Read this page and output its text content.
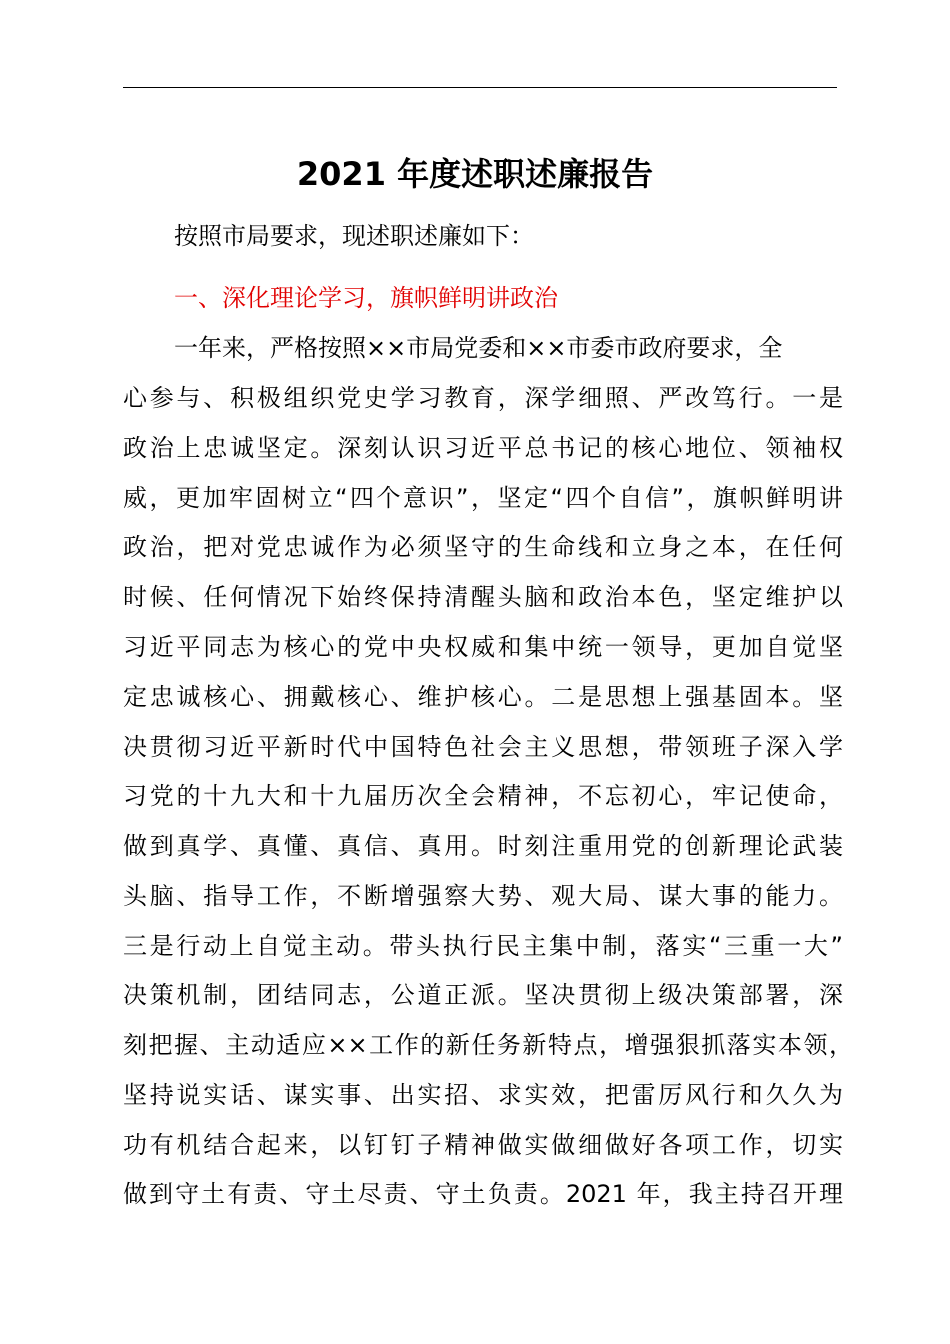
2021 年度述职述廉报告
按照市局要求，现述职述廉如下：
一、深化理论学习，旗帜鲜明讲政治
一年来，严格按照××市局党委和××市委市政府要求，全
心参与、积极组织党史学习教育，深学细照、严改笃行。一是
政治上忠诚坚定。深刻认识习近平总书记的核心地位、领袖权
威，更加牢固树立“四个意识”，坚定“四个自信”，旗帜鲜明讲
政治，把对党忠诚作为必须坚守的生命线和立身之本，在任何
时候、任何情况下始终保持清醒头脑和政治本色，坚定维护以
习近平同志为核心的党中央权威和集中统一领导，更加自觉坚
定忠诚核心、拥戴核心、维护核心。二是思想上强基固本。坚
决贯彻习近平新时代中国特色社会主义思想，带领班子深入学
习党的十九大和十九届历次全会精神，不忘初心，牢记使命，
做到真学、真懂、真信、真用。时刻注重用党的创新理论武装
头脑、指导工作，不断增强察大势、观大局、谋大事的能力。
三是行动上自觉主动。带头执行民主集中制，落实“三重一大”
决策机制，团结同志，公道正派。坚决贯彻上级决策部署，深
刻把握、主动适应××工作的新任务新特点，增强狠抓落实本领，
坚持说实话、谋实事、出实招、求实效，把雷厉风行和久久为
功有机结合起来，以钉钉子精神做实做细做好各项工作，切实
做到守土有责、守土尽责、守土负责。2021 年，我主持召开理
